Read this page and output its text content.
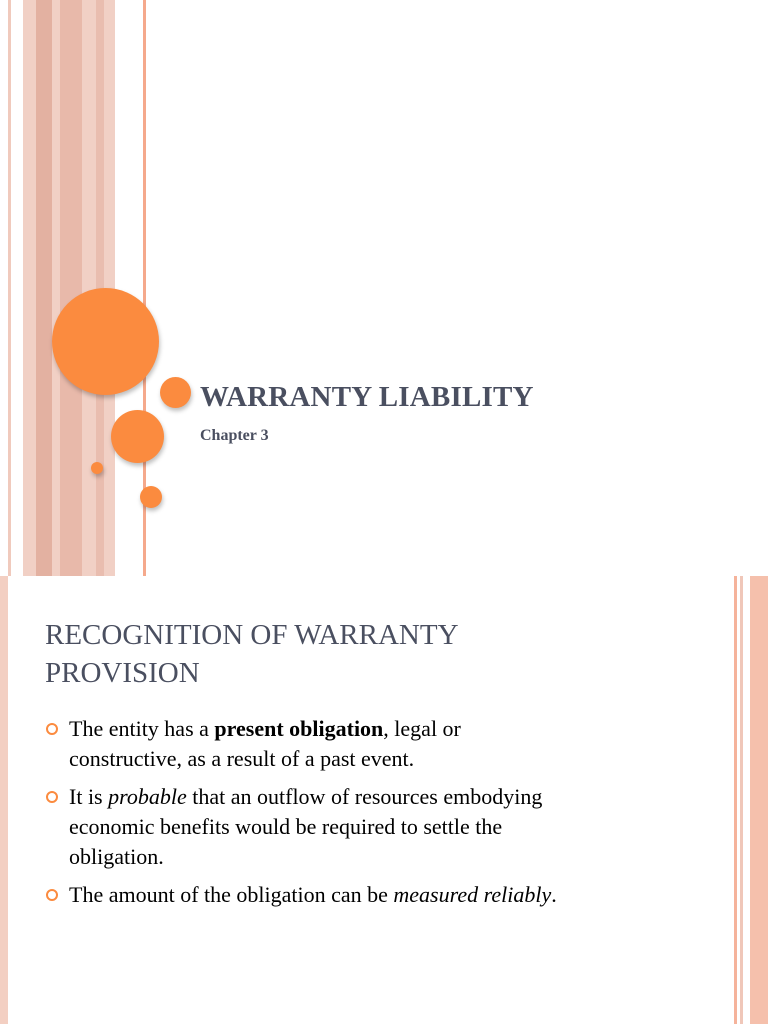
WARRANTY LIABILITY
Chapter 3
RECOGNITION OF WARRANTY
PROVISION
The entity has a present obligation, legal or
constructive, as a result of a past event.
It is probable that an outflow of resources embodying
economic benefits would be required to settle the
obligation.
The amount of the obligation can be measured reliably.
